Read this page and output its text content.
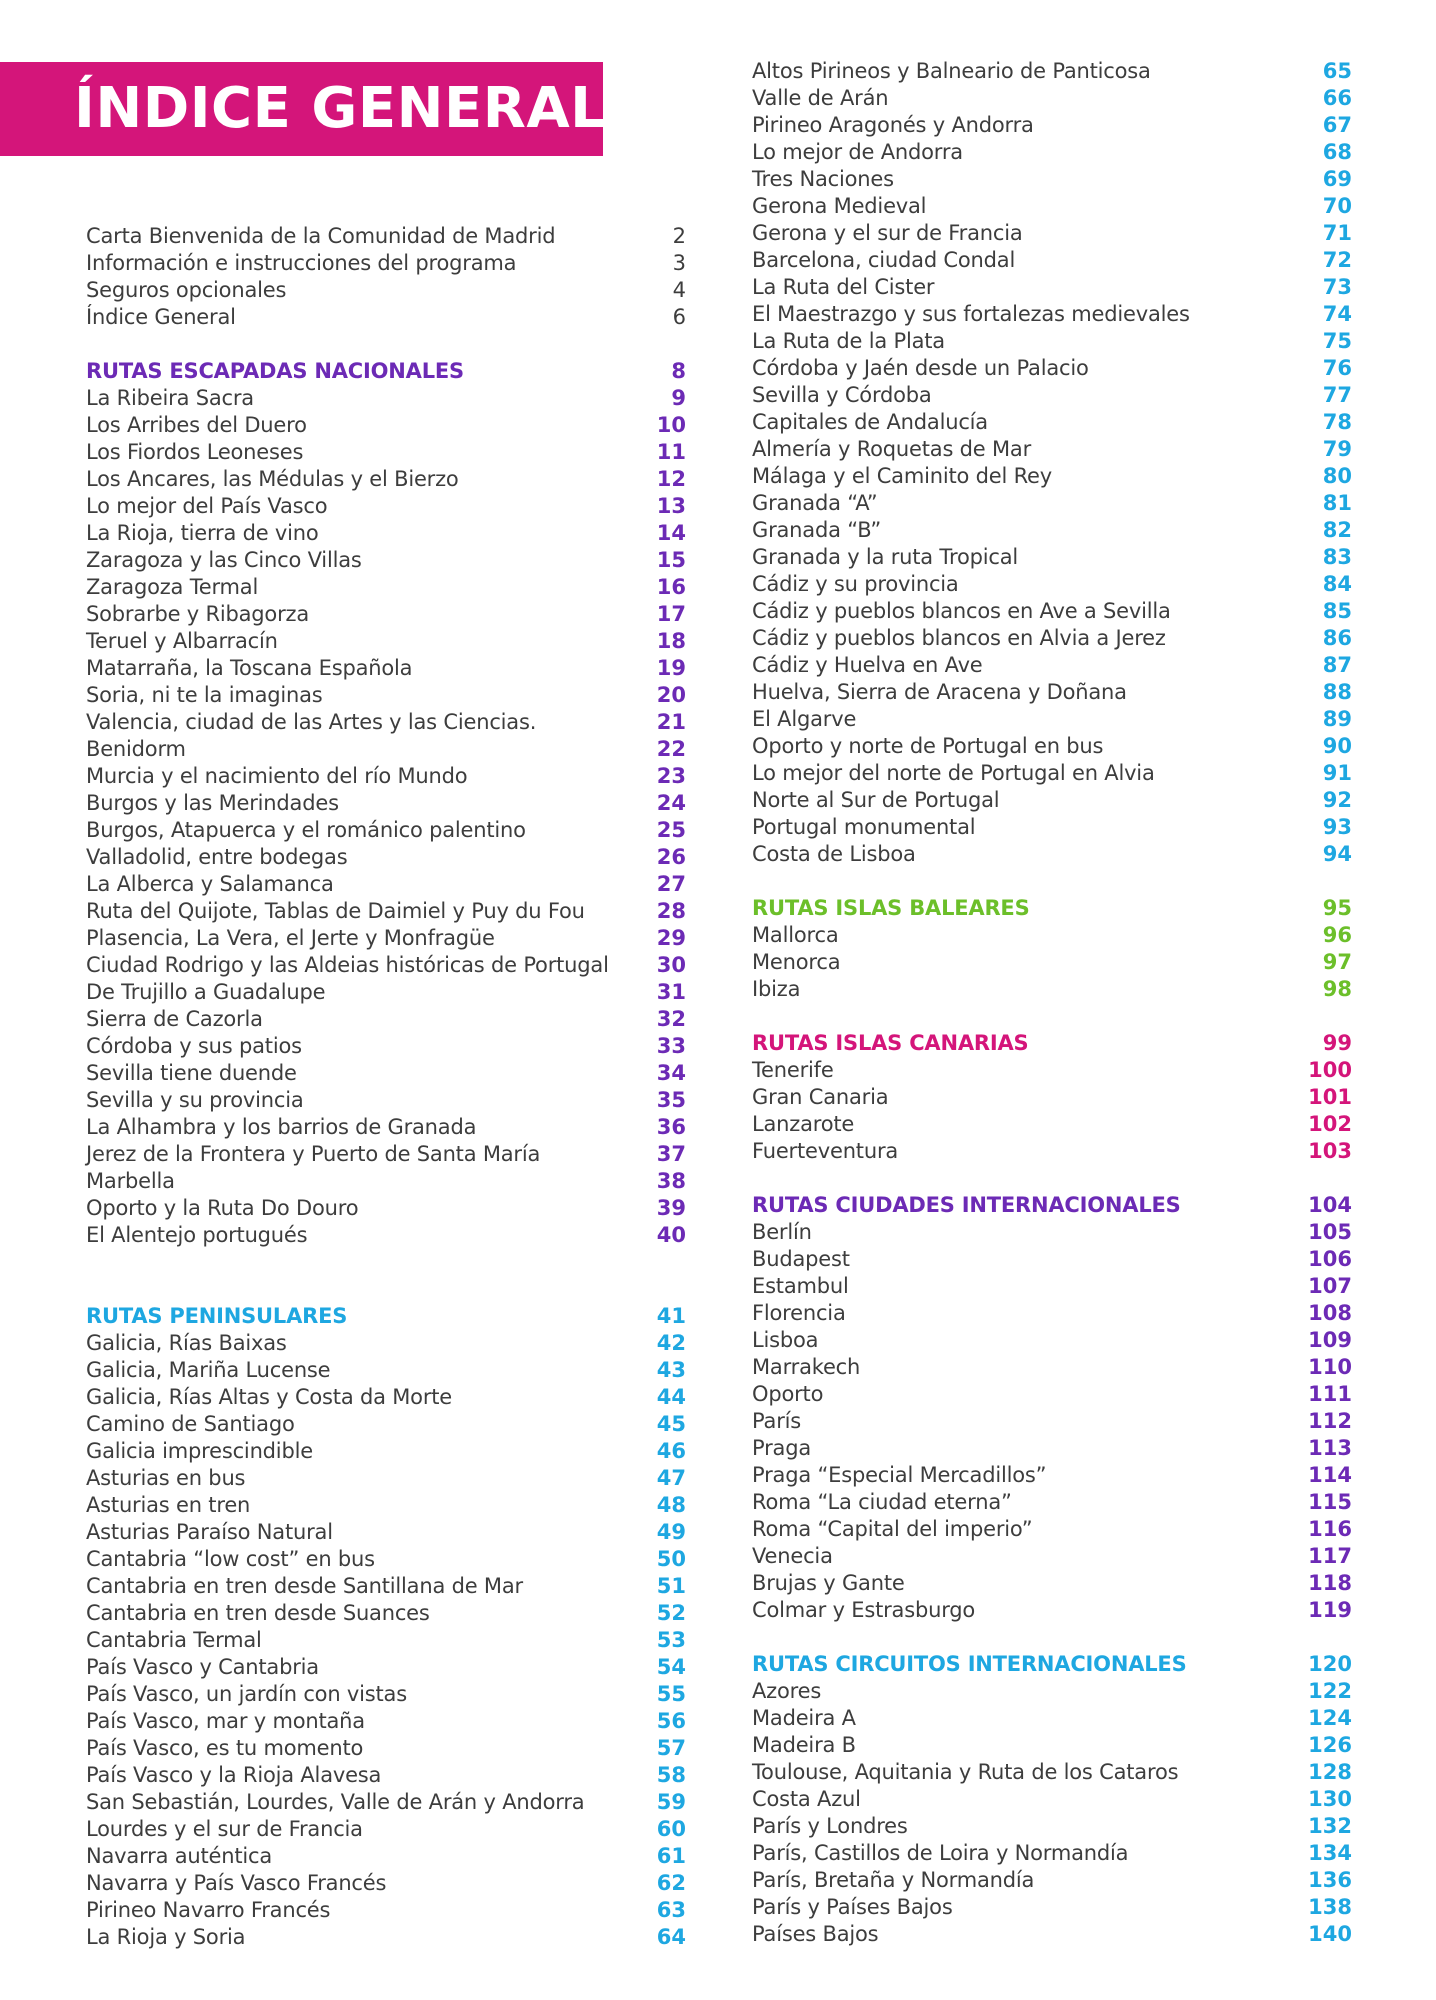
ÍNDICE GENERAL
Carta Bienvenida de la Comunidad de Madrid	2
Información e instrucciones del programa	3
Seguros opcionales	4
Índice General	6
RUTAS ESCAPADAS NACIONALES	8
La Ribeira Sacra	9
Los Arribes del Duero	10
Los Fiordos Leoneses	11
Los Ancares, las Médulas y el Bierzo	12
Lo mejor del País Vasco	13
La Rioja, tierra de vino	14
Zaragoza y las Cinco Villas	15
Zaragoza Termal	16
Sobrarbe y Ribagorza	17
Teruel y Albarracín	18
Matarraña, la Toscana Española	19
Soria, ni te la imaginas	20
Valencia, ciudad de las Artes y las Ciencias.	21
Benidorm	22
Murcia y el nacimiento del río Mundo	23
Burgos y las Merindades	24
Burgos, Atapuerca y el románico palentino	25
Valladolid, entre bodegas	26
La Alberca y Salamanca	27
Ruta del Quijote, Tablas de Daimiel y Puy du Fou	28
Plasencia, La Vera, el Jerte y Monfragüe	29
Ciudad Rodrigo y las Aldeias históricas de Portugal 30
De Trujillo a Guadalupe	31
Sierra de Cazorla	32
Córdoba y sus patios	33
Sevilla tiene duende	34
Sevilla y su provincia	35
La Alhambra y los barrios de Granada	36
Jerez de la Frontera y Puerto de Santa María	37
Marbella	38
Oporto y la Ruta Do Douro	39
El Alentejo portugués	40
RUTAS PENINSULARES	41
Galicia, Rías Baixas	42
Galicia, Mariña Lucense	43
Galicia, Rías Altas y Costa da Morte	44
Camino de Santiago	45
Galicia imprescindible	46
Asturias en bus	47
Asturias en tren	48
Asturias Paraíso Natural	49
Cantabria “low cost” en bus	50
Cantabria en tren desde Santillana de Mar	51
Cantabria en tren desde Suances	52
Cantabria Termal	53
País Vasco y Cantabria	54
País Vasco, un jardín con vistas	55
País Vasco, mar y montaña	56
País Vasco, es tu momento	57
País Vasco y la Rioja Alavesa	58
San Sebastián, Lourdes, Valle de Arán y Andorra	59
Lourdes y el sur de Francia	60
Navarra auténtica	61
Navarra y País Vasco Francés	62
Pirineo Navarro Francés	63
La Rioja y Soria	64
Altos Pirineos y Balneario de Panticosa	65
Valle de Arán	66
Pirineo Aragonés y Andorra	67
Lo mejor de Andorra	68
Tres Naciones	69
Gerona Medieval	70
Gerona y el sur de Francia	71
Barcelona, ciudad Condal	72
La Ruta del Cister	73
El Maestrazgo y sus fortalezas medievales	74
La Ruta de la Plata	75
Córdoba y Jaén desde un Palacio	76
Sevilla y Córdoba	77
Capitales de Andalucía	78
Almería y Roquetas de Mar	79
Málaga y el Caminito del Rey	80
Granada “A”	81
Granada “B”	82
Granada y la ruta Tropical	83
Cádiz y su provincia	84
Cádiz y pueblos blancos en Ave a Sevilla	85
Cádiz y pueblos blancos en Alvia a Jerez	86
Cádiz y Huelva en Ave	87
Huelva, Sierra de Aracena y Doñana	88
El Algarve	89
Oporto y norte de Portugal en bus	90
Lo mejor del norte de Portugal en Alvia	91
Norte al Sur de Portugal	92
Portugal monumental	93
Costa de Lisboa	94
RUTAS ISLAS BALEARES	95
Mallorca	96
Menorca	97
Ibiza	98
RUTAS ISLAS CANARIAS	99
Tenerife	100
Gran Canaria	101
Lanzarote	102
Fuerteventura	103
RUTAS CIUDADES INTERNACIONALES	104
Berlín	105
Budapest	106
Estambul	107
Florencia	108
Lisboa	109
Marrakech	110
Oporto	111
París	112
Praga	113
Praga “Especial Mercadillos”	114
Roma “La ciudad eterna”	115
Roma “Capital del imperio”	116
Venecia	117
Brujas y Gante	118
Colmar y Estrasburgo	119
RUTAS CIRCUITOS INTERNACIONALES	120
Azores	122
Madeira A	124
Madeira B	126
Toulouse, Aquitania y Ruta de los Cataros	128
Costa Azul	130
París y Londres	132
París, Castillos de Loira y Normandía	134
París, Bretaña y Normandía	136
París y Países Bajos	138
Países Bajos	140
